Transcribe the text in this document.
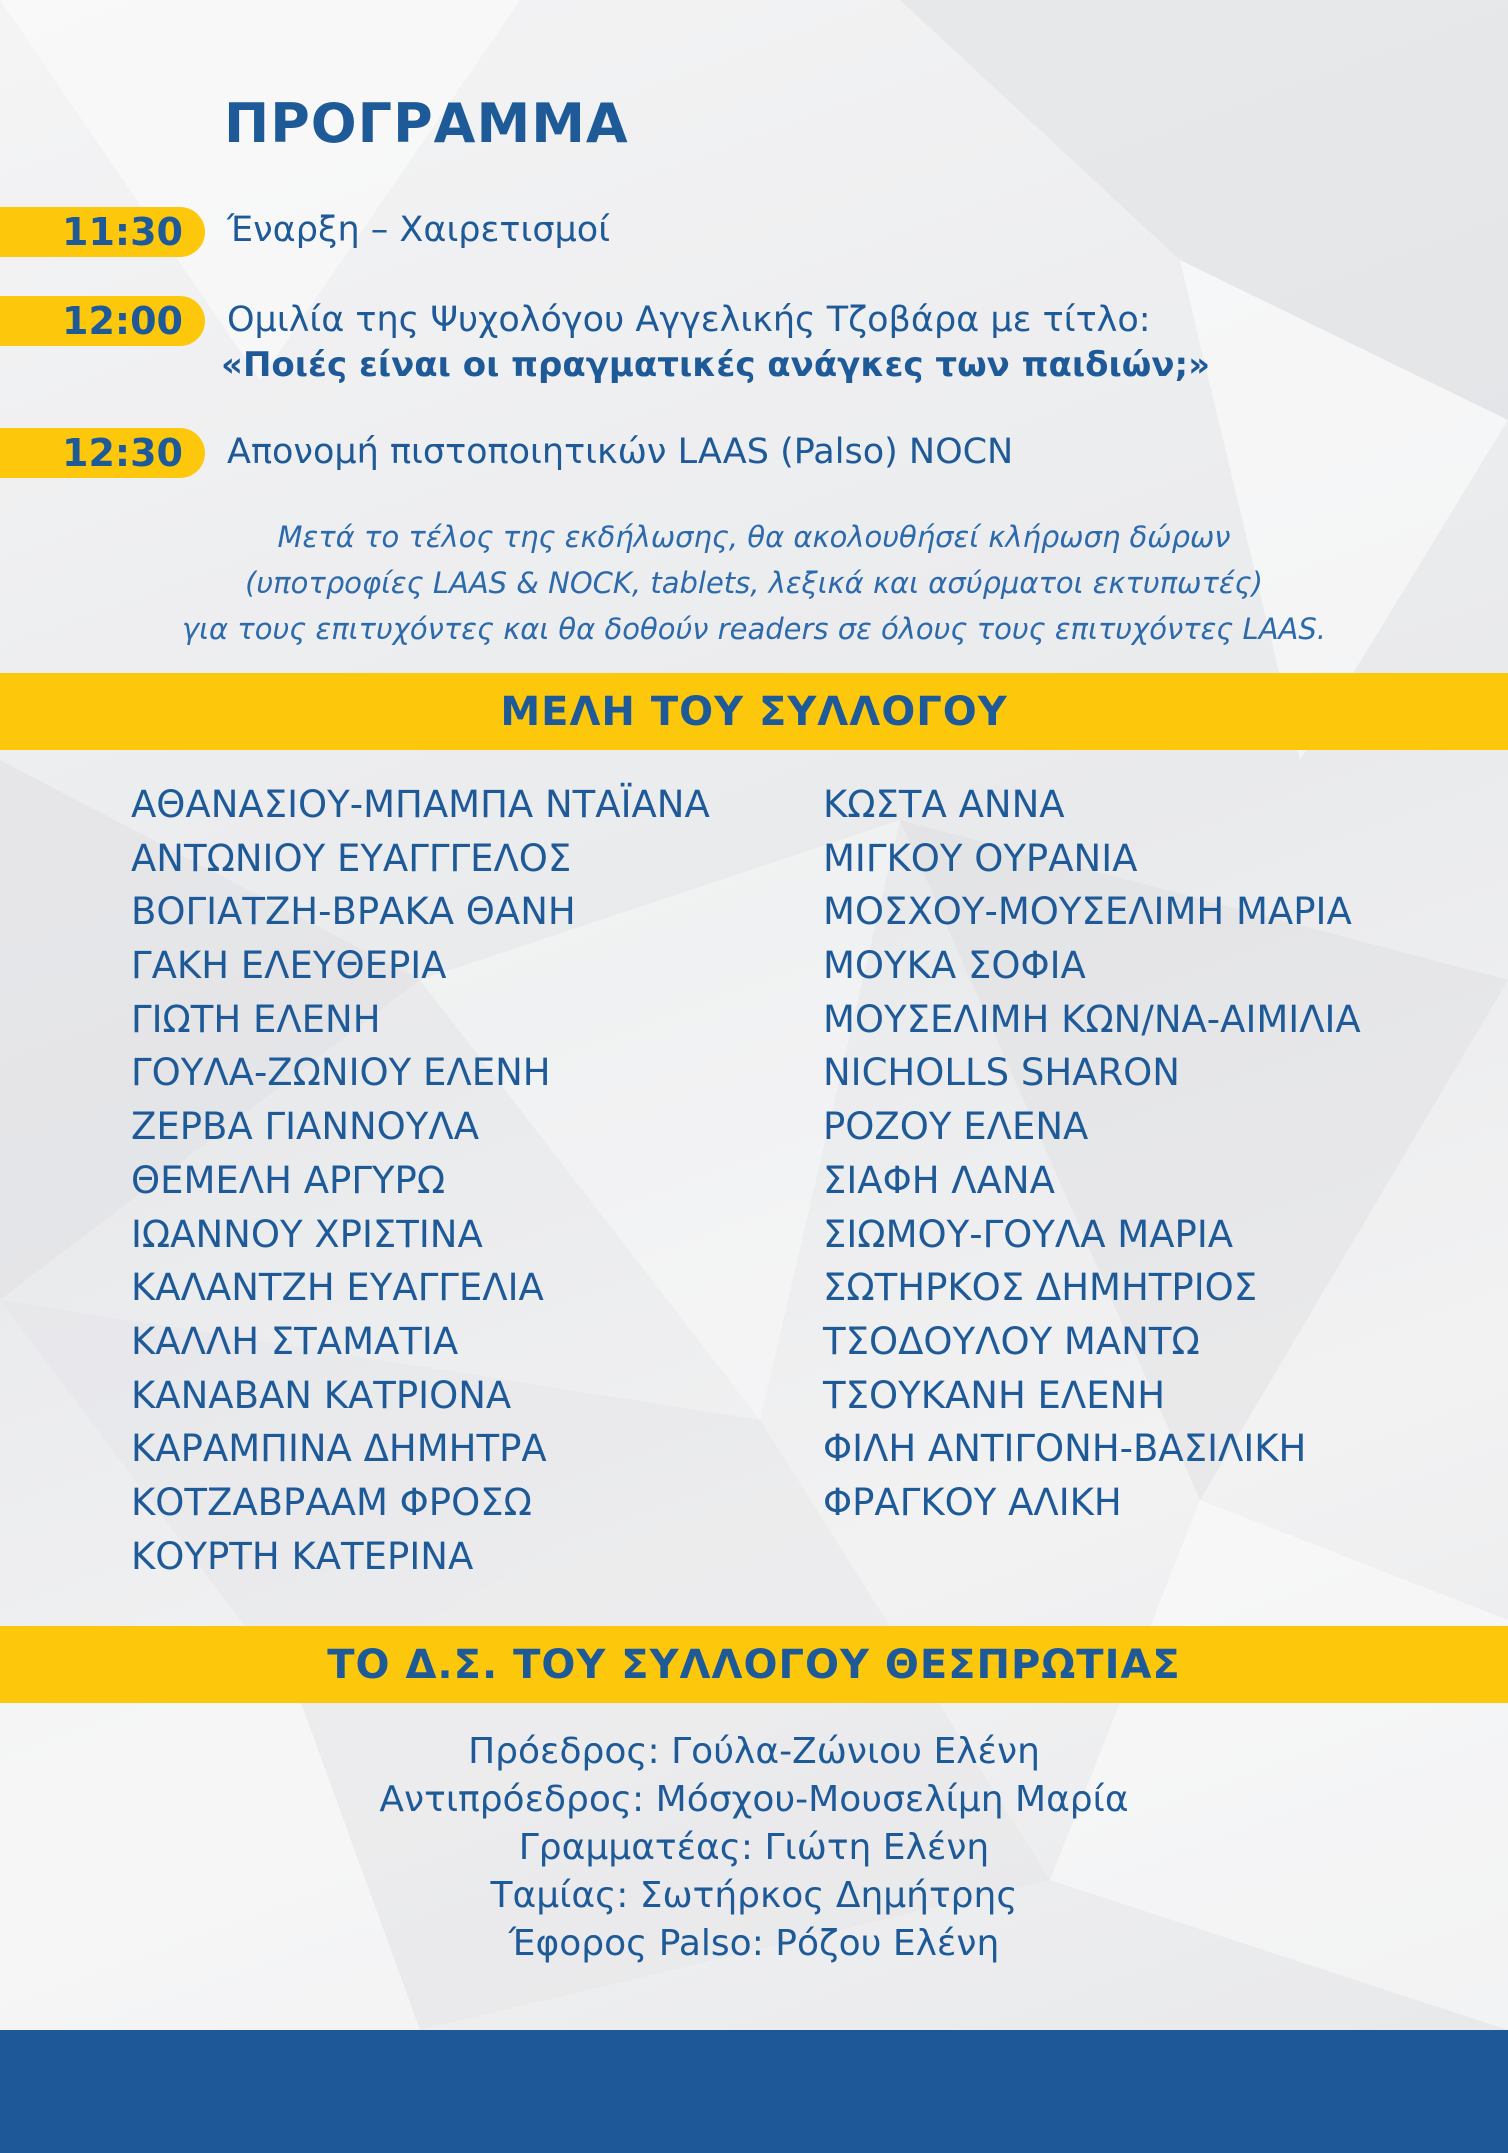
ΠΡΟΓΡΑΜΜΑ
11:30	Έναρξη – Χαιρετισμοί
12:00	Ομιλία της Ψυχολόγου Αγγελικής Τζοβάρα με τίτλο:
«Ποιές είναι οι πραγματικές ανάγκες των παιδιών;»
12:30	Απονομή πιστοποιητικών LAAS (Palso) NOCN
Μετά το τέλος της εκδήλωσης, θα ακολουθήσεί κλήρωση δώρων
(υποτροφίες LAAS & NOCK, tablets, λεξικά και ασύρματοι εκτυπωτές)
για τους επιτυχόντες και θα δοθούν readers σε όλους τους επιτυχόντες LAAS.
ΜΕΛΗ ΤΟΥ ΣΥΛΛΟΓΟΥ
ΑΘΑΝΑΣΙΟΥ-ΜΠΑΜΠΑ ΝΤΑΪΑΝΑ
ΑΝΤΩΝΙΟΥ ΕΥΑΓΓΓΕΛΟΣ
ΒΟΓΙΑΤΖΗ-ΒΡΑΚΑ ΘΑΝΗ
ΓΑΚΗ ΕΛΕΥΘΕΡΙΑ
ΓΙΩΤΗ ΕΛΕΝΗ
ΓΟΥΛΑ-ΖΩΝΙΟΥ ΕΛΕΝΗ
ΖΕΡΒΑ ΓΙΑΝΝΟΥΛΑ
ΘΕΜΕΛΗ ΑΡΓΥΡΩ
ΙΩΑΝΝΟΥ ΧΡΙΣΤΙΝΑ
ΚΑΛΑΝΤΖΗ ΕΥΑΓΓΕΛΙΑ
ΚΑΛΛΗ ΣΤΑΜΑΤΙΑ
ΚΑΝΑΒΑΝ ΚΑΤΡΙΟΝΑ
ΚΑΡΑΜΠΙΝΑ ΔΗΜΗΤΡΑ
ΚΟΤΖΑΒΡΑΑΜ ΦΡΟΣΩ
ΚΟΥΡΤΗ ΚΑΤΕΡΙΝΑ
ΚΩΣΤΑ ΑΝΝΑ
ΜΙΓΚΟΥ ΟΥΡΑΝΙΑ
ΜΟΣΧΟΥ-ΜΟΥΣΕΛΙΜΗ ΜΑΡΙΑ
ΜΟΥΚΑ ΣΟΦΙΑ
ΜΟΥΣΕΛΙΜΗ ΚΩΝ/ΝΑ-ΑΙΜΙΛΙΑ
NICHOLLS SHARON
ΡΟΖΟΥ ΕΛΕΝΑ
ΣΙΑΦΗ ΛΑΝΑ
ΣΙΩΜΟΥ-ΓΟΥΛΑ ΜΑΡΙΑ
ΣΩΤΗΡΚΟΣ ΔΗΜΗΤΡΙΟΣ
ΤΣΟΔΟΥΛΟΥ ΜΑΝΤΩ
ΤΣΟΥΚΑΝΗ ΕΛΕΝΗ
ΦΙΛΗ ΑΝΤΙΓΟΝΗ-ΒΑΣΙΛΙΚΗ
ΦΡΑΓΚΟΥ ΑΛΙΚΗ
ΤΟ Δ.Σ. ΤΟΥ ΣΥΛΛΟΓΟΥ ΘΕΣΠΡΩΤΙΑΣ
Πρόεδρος: Γούλα-Ζώνιου Ελένη
Αντιπρόεδρος: Μόσχου-Μουσελίμη Μαρία
Γραμματέας: Γιώτη Ελένη
Ταμίας: Σωτήρκος Δημήτρης
Έφορος Palso: Ρόζου Ελένη
